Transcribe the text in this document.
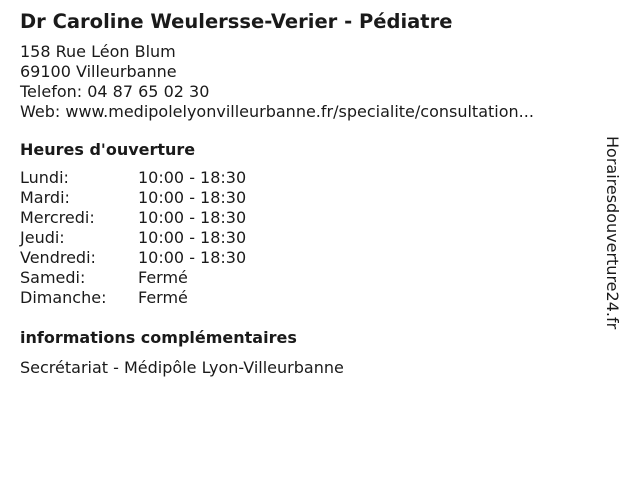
Dr Caroline Weulersse-Verier - Pédiatre
158 Rue Léon Blum
69100 Villeurbanne
Telefon: 04 87 65 02 30
Web: www.medipolelyonvilleurbanne.fr/specialite/consultation...
Heures d'ouverture
Lundi:	10:00 - 18:30
Mardi:	10:00 - 18:30
Mercredi:	10:00 - 18:30
Jeudi:	10:00 - 18:30
Vendredi:	10:00 - 18:30
Samedi:	Fermé
Dimanche:	Fermé
informations complémentaires
Secrétariat - Médipôle Lyon-Villeurbanne
Horairesdouverture24.fr
